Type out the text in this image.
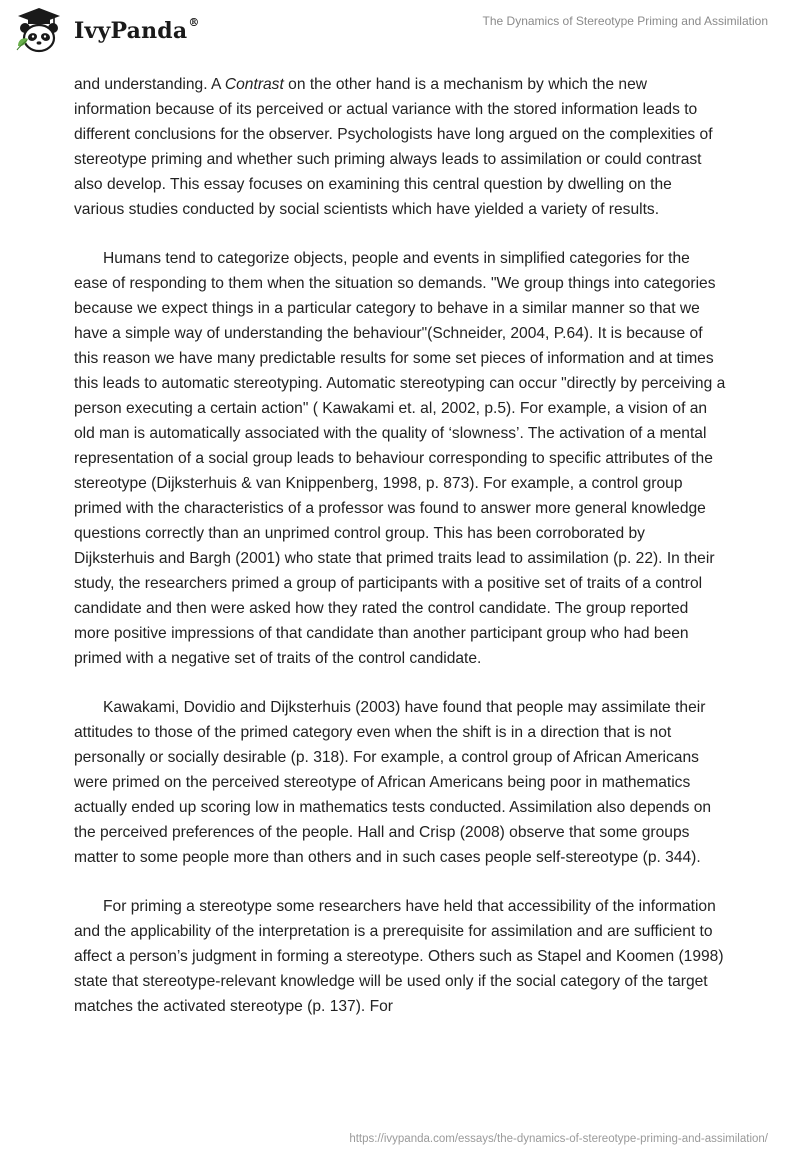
IvyPanda®	The Dynamics of Stereotype Priming and Assimilation

and understanding. A Contrast on the other hand is a mechanism by which the new information because of its perceived or actual variance with the stored information leads to different conclusions for the observer. Psychologists have long argued on the complexities of stereotype priming and whether such priming always leads to assimilation or could contrast also develop. This essay focuses on examining this central question by dwelling on the various studies conducted by social scientists which have yielded a variety of results.

Humans tend to categorize objects, people and events in simplified categories for the ease of responding to them when the situation so demands. "We group things into categories because we expect things in a particular category to behave in a similar manner so that we have a simple way of understanding the behaviour"(Schneider, 2004, P.64). It is because of this reason we have many predictable results for some set pieces of information and at times this leads to automatic stereotyping. Automatic stereotyping can occur "directly by perceiving a person executing a certain action" ( Kawakami et. al, 2002, p.5). For example, a vision of an old man is automatically associated with the quality of ‘slowness’. The activation of a mental representation of a social group leads to behaviour corresponding to specific attributes of the stereotype (Dijksterhuis & van Knippenberg, 1998, p. 873). For example, a control group primed with the characteristics of a professor was found to answer more general knowledge questions correctly than an unprimed control group. This has been corroborated by Dijksterhuis and Bargh (2001) who state that primed traits lead to assimilation (p. 22). In their study, the researchers primed a group of participants with a positive set of traits of a control candidate and then were asked how they rated the control candidate. The group reported more positive impressions of that candidate than another participant group who had been primed with a negative set of traits of the control candidate.

Kawakami, Dovidio and Dijksterhuis (2003) have found that people may assimilate their attitudes to those of the primed category even when the shift is in a direction that is not personally or socially desirable (p. 318). For example, a control group of African Americans were primed on the perceived stereotype of African Americans being poor in mathematics actually ended up scoring low in mathematics tests conducted. Assimilation also depends on the perceived preferences of the people. Hall and Crisp (2008) observe that some groups matter to some people more than others and in such cases people self-stereotype (p. 344).

For priming a stereotype some researchers have held that accessibility of the information and the applicability of the interpretation is a prerequisite for assimilation and are sufficient to affect a person’s judgment in forming a stereotype. Others such as Stapel and Koomen (1998) state that stereotype-relevant knowledge will be used only if the social category of the target matches the activated stereotype (p. 137). For

https://ivypanda.com/essays/the-dynamics-of-stereotype-priming-and-assimilation/
